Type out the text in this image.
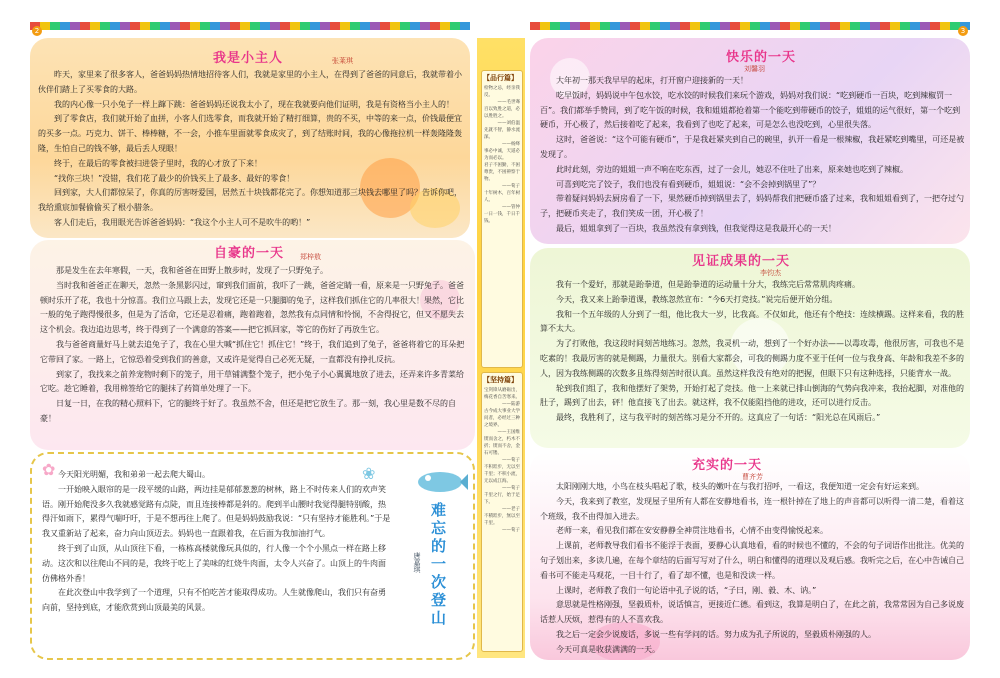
2	3
我是小主人	张莱琪

昨天，家里来了很多客人，爸爸妈妈热情地招待客人们，我就是家里的小主人，在得到了爸爸的同意后，我就带着小伙伴们踏上了买零食的大路。

我的内心像一只小兔子一样上蹿下跳：爸爸妈妈还说我太小了，现在我就要向他们证明，我是有资格当小主人的！

到了零食店，我们就开始了血拼，小客人们选零食，而我就开始了精打细算，贵的不买，中等的来一点，价钱最便宜的买多一点。巧克力、饼干、棒棒糖，不一会，小推车里面就零食成灾了，到了结账时间，我的心像拖拉机一样轰隆隆轰隆，生怕自己的钱不够，最后丢人现眼！

终于，在最后的零食被扫进袋子里时，我的心才放了下来！

“找你三块！”没错，我们花了最少的价钱买上了最多、最好的零食！

回到家，大人们都惊呆了，你真的厉害呀爱国，居然五十块钱都花完了。你想知道那三块钱去哪里了吗？告诉你吧，我给熏宸加餐偷偷买了根小腊条。

客人们走后，我用眼光告诉爸爸妈妈：“我这个小主人可不是吹牛的哟！”

自豪的一天 郑梓敖

那是发生在去年寒假，一天，我和爸爸在田野上散步时，发现了一只野兔子。

当时我和爸爸正在聊天，忽然一条黑影闪过，窜到我们面前，我吓了一跳，爸爸定睛一看，原来是一只野兔子。爸爸顿时乐开了花，我也十分惊喜。我们立马跟上去，发现它还是一只腿脚的兔子，这样我们抓住它的几率很大！果然，它比一般的兔子跑得慢很多，但是为了活命，它还是忍着痛，跑着跑着，忽然我有点同情和怜悯，不舍得捉它，但又不愿失去这个机会。我边追边思考，终于得到了一个满意的答案——把它抓回家，等它的伤好了再放生它。

我与爸爸商量好马上就去追兔子了，我在心里大喊“抓住它！抓住它！”终于，我们追到了兔子，爸爸将着它的耳朵把它带回了家。一路上，它惊恐着受到我们的善意，又或许是觉得自己必死无疑，一直都没有挣扎反抗。

到家了，我找来之前养宠物时剩下的笼子，用干草铺满整个笼子，把小兔子小心翼翼地放了进去，还弄来许多青菜给它吃。趁它睡着，我用棉签给它的腿抹了药简单处理了一下。

日复一日，在我的精心照料下，它的腿终于好了。我虽然不舍，但还是把它放生了。那一刻，我心里是数不尽的自豪！

✿	❀

今天阳光明媚，我和弟弟一起去爬大蜀山。

一开始映入眼帘的是一段平缓的山路，两边挂是郁郁葱葱的树林，路上不时传来人们的欢声笑语。刚开始爬没多久我就感觉路有点陡，而且连接棒都是斜的。爬到半山腰时我觉得腿特别酸，热得汗如雨下，累得气喘吁吁，于是不想再往上爬了。但是妈妈鼓励我说：“只有坚持才能胜利。”于是我又重新站了起来，奋力向山顶迈去。妈妈也一直跟着我，在后面为我加油打气。

终于到了山顶，从山顶往下看，一栋栋高楼就像玩具似的，行人像一个个小黑点一样在路上移动。这次和以往爬山不同的是，我终于吃上了美味的红烧牛肉面，太令人兴奋了。山顶上的牛肉面仿佛格外香！

在此次登山中我学到了一个道理，只有不怕吃苦才能取得成功。人生就像爬山，我们只有奋勇向前，坚持到底，才能欣赏到山顶最美的风景。	难忘的一次登山
唐嘉琪
【品行篇】
检物之忌，经亲我反。
——毛世骞
百以致胜之道，必以胜胜之。
——刘伯温
先就不智，静水流深。
——杨绛
事必中诚，天道必为而必以。
君子不困勤，不困尊贵，不困辨察于物。
——荀子
十年树木，百年树人。
——管仲
一日一钱，千日千钱。
【坚持篇】
宝剑锋从磨砺出，梅花香自苦寒来。
——陆游
古今成大事业大学问者，必经过三种之境界。
——王国维
锲而舍之，朽木不折；锲而不舍，金石可镂。
——荀子
不积跬步，无以至千里；不积小流，无以成江海。
——荀子
千里之行，始于足下。
——老子
不積跬步，無以至千里。
——荀子
快乐的一天
刘馨羽

大年初一那天我早早的起床，打开窗户迎接新的一天！

吃早饭时，妈妈说中午包水饺，吃水饺的时候我们来玩个游戏，妈妈对我们说：“吃到硬币一百块，吃到辣椒罚一百”。我们都举手赞同，到了吃午饭的时候，我和姐姐都抢着第一个能吃到带硬币的饺子，姐姐的运气很好，第一个吃到硬币，开心极了，然后接着吃了起来，我看到了也吃了起来，可是怎么也没吃到，心里很失落。

这时，爸爸说：“这个可能有硬币”，于是我赶紧夹到自己的碗里，扒开一看是一根辣椒，我赶紧吃到嘴里，可还是被发现了。

此时此刻，旁边的姐姐一声不响在吃东西，过了一会儿，她忍不住吐了出来，原来她也吃到了辣椒。

可喜到吃完了饺子，我们也没有看到硬币，姐姐说：“会不会掉到锅里了”？

带着疑问妈妈去厨房看了一下，果然硬币掉到锅里去了，妈妈帮我们把硬币盛了过来，我和姐姐看到了，一把夺过勺子，把硬币夹走了，我们笑成一团，开心极了！

最后，姐姐拿到了一百块，我虽然没有拿到钱，但我觉得这是我最开心的一天！

见证成果的一天
李钧杰

我有一个爱好，那就是跆拳道，但是跆拳道的运动量十分大，我练完后常常肌肉疼痛。

今天，我又来上跆拳道课，教练忽然宣布：“今6天打竞技。”说完后便开始分组。

我和一个五年级的人分到了一组，他比我大一岁，比我高。不仅如此，他还有个绝技：连续横踢。这样来看，我的胜算不太大。

为了打败他，我这段时间刻苦地练习。忽然，我灵机一动，想到了一个好办法——以毒攻毒，他很厉害，可我也不是吃素的！我最厉害的就是侧踢，力量很大。别看大家都会，可我的侧踢力度不亚于任何一位与我身高、年龄和我差不多的人，因为我练侧踢的次数多且练得刻苦时很认真。虽然这样我没有绝对的把握，但眼下只有这种选择，只能背水一战。

轮到我们组了，我和他摆好了架势，开始打起了竞技。他一上来就已排山倒海的气势向我冲来，我抬起脚，对准他的肚子，踢到了出去，砰！他直接飞了出去。就这样，我不仅能阻挡他的进攻，还可以进行反击。

最终，我胜利了，这与我平时的刻苦练习是分不开的。这真应了一句话：“阳光总在风雨后。”

充实的一天
曹齐芳

太阳刚刚大地，小鸟在枝头唱起了歌，枝头的嫩叶在与我打招呼，一看这，我便知道一定会有好运来到。

今天，我来到了教室，发现屋子里所有人都在安静地看书，连一根针掉在了地上的声音都可以听得一清二楚，看着这个班级，我不由得加入进去。

老师一来，看见我们都在安安静静全神贯注地看书，心情不由变得愉悦起来。

上课前，老师教导我们看书不能浮于表面，要静心认真地看，看的时候也不懂的，不会的句子词语作出批注。优美的句子划出来，多读几遍，在每个章结的后面写写对了什么，明白和懂得的道理以及观后感。我听完之后，在心中告诫自己看书可不能走马观花，一目十行了，看了却不懂，也是和没读一样。

上课时，老师教了我们一句论语中孔子说的话，“子曰，刚、毅、木、讷。”

意思就是性格刚强，坚毅质朴，说话慎言，更接近仁德。看到这，我算是明白了，在此之前，我常常因为自己多说废话惹人厌烦，惹得有的人不喜欢我。

我之后一定会少说废话，多说一些有学问的话。努力成为孔子所说的，坚毅质朴刚强的人。

今天可真是收获满满的一天。
